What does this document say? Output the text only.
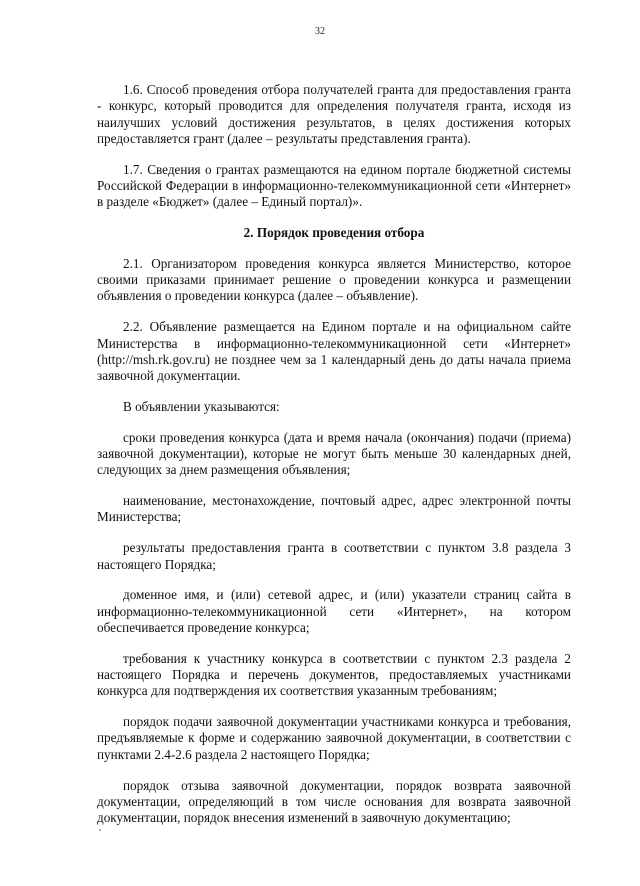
32

1.6. Способ проведения отбора получателей гранта для предоставления гранта - конкурс, который проводится для определения получателя гранта, исходя из наилучших условий достижения результатов, в целях достижения которых предоставляется грант (далее – результаты представления гранта).

1.7. Сведения о грантах размещаются на едином портале бюджетной системы Российской Федерации в информационно-телекоммуникационной сети «Интернет» в разделе «Бюджет» (далее – Единый портал)».

2. Порядок проведения отбора

2.1. Организатором проведения конкурса является Министерство, которое своими приказами принимает решение о проведении конкурса и размещении объявления о проведении конкурса (далее – объявление).

2.2. Объявление размещается на Едином портале и на официальном сайте Министерства в информационно-телекоммуникационной сети «Интернет» (http://msh.rk.gov.ru) не позднее чем за 1 календарный день до даты начала приема заявочной документации.

В объявлении указываются:

сроки проведения конкурса (дата и время начала (окончания) подачи (приема) заявочной документации), которые не могут быть меньше 30 календарных дней, следующих за днем размещения объявления;

наименование, местонахождение, почтовый адрес, адрес электронной почты Министерства;

результаты предоставления гранта в соответствии с пунктом 3.8 раздела 3 настоящего Порядка;

доменное имя, и (или) сетевой адрес, и (или) указатели страниц сайта в информационно-телекоммуникационной сети «Интернет», на котором обеспечивается проведение конкурса;

требования к участнику конкурса в соответствии с пунктом 2.3 раздела 2 настоящего Порядка и перечень документов, предоставляемых участниками конкурса для подтверждения их соответствия указанным требованиям;

порядок подачи заявочной документации участниками конкурса и требования, предъявляемые к форме и содержанию заявочной документации, в соответствии с пунктами 2.4-2.6 раздела 2 настоящего Порядка;

порядок отзыва заявочной документации, порядок возврата заявочной документации, определяющий в том числе основания для возврата заявочной документации, порядок внесения изменений в заявочную документацию;
